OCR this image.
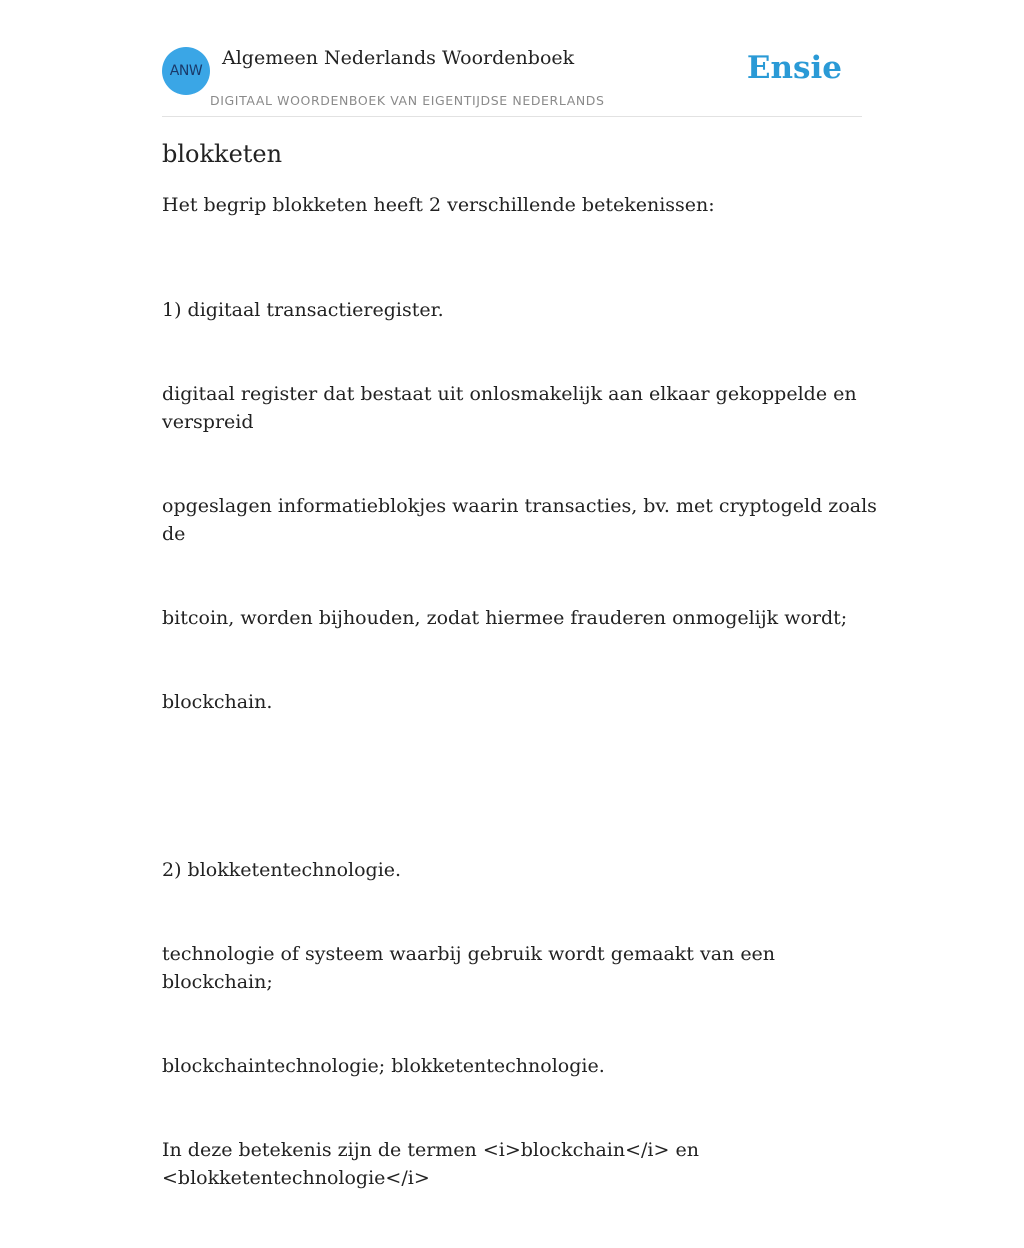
ANW
Algemeen Nederlands Woordenboek
DIGITAAL WOORDENBOEK VAN EIGENTIJDSE NEDERLANDS
Ensie
blokketen

Het begrip blokketen heeft 2 verschillende betekenissen:

1) digitaal transactieregister.

digitaal register dat bestaat uit onlosmakelijk aan elkaar gekoppelde en verspreid

opgeslagen informatieblokjes waarin transacties, bv. met cryptogeld zoals de

bitcoin, worden bijhouden, zodat hiermee frauderen onmogelijk wordt;

blockchain.

2) blokketentechnologie.

technologie of systeem waarbij gebruik wordt gemaakt van een blockchain;

blockchaintechnologie; blokketentechnologie.

In deze betekenis zijn de termen <i>blockchain</i> en <blokketentechnologie</i>
